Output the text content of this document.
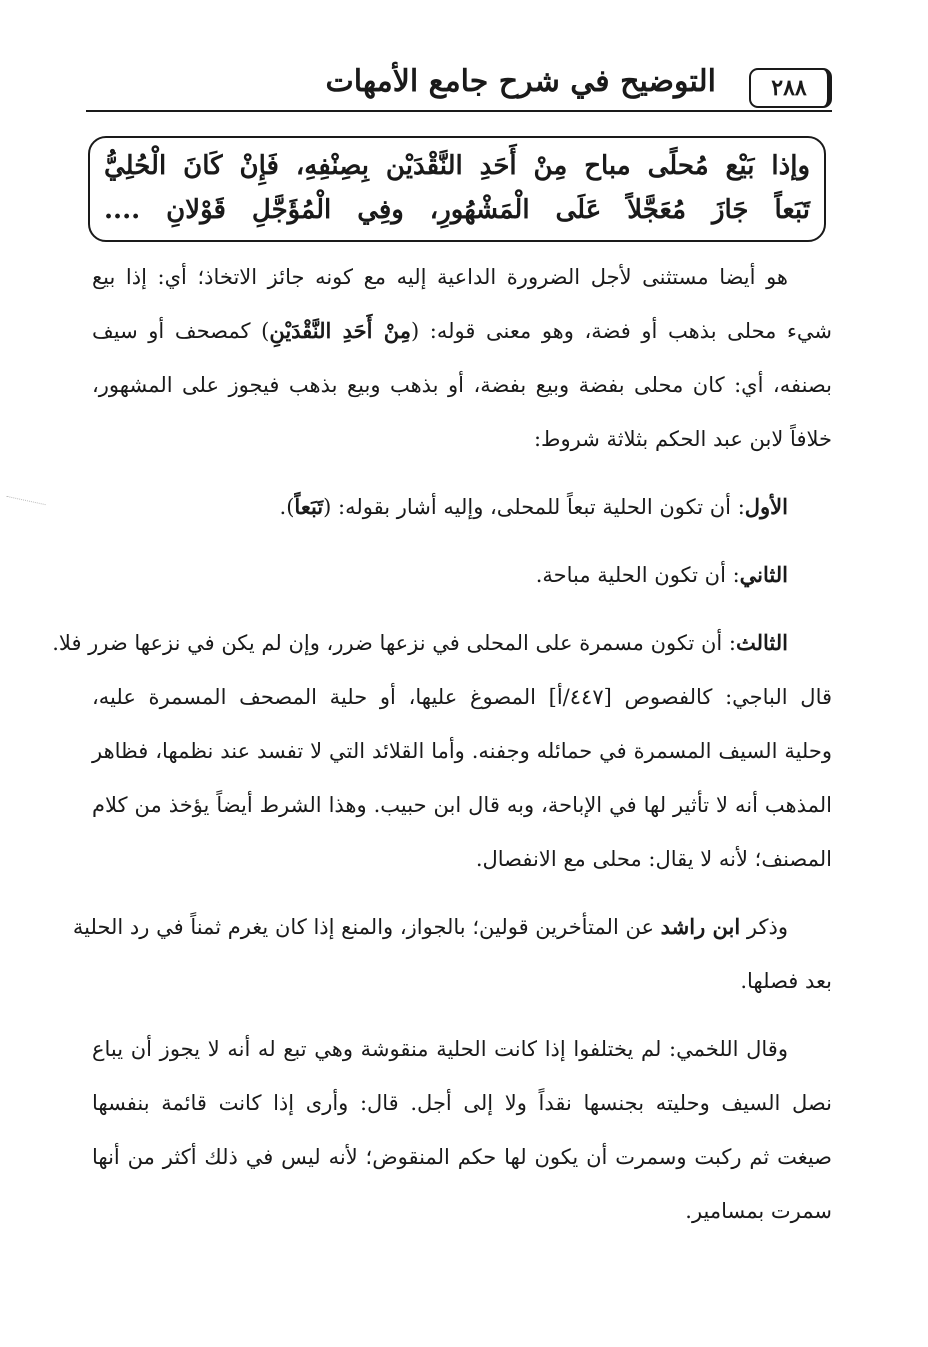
٢٨٨
التوضيح في شرح جامع الأمهات
وإذا بَيْع مُحلًى مباح مِنْ أَحَدِ النَّقْدَيْن بِصِنْفِهِ، فَإِنْ كَانَ الْحُلِيُّ
تَبَعاً جَازَ مُعَجَّلاً عَلَى الْمَشْهُورِ، وفِي الْمُؤَجَّلِ قَوْلانِ ....
هو أيضا مستثنى لأجل الضرورة الداعية إليه مع كونه جائز الاتخاذ؛ أي: إذا بيع
شيء محلى بذهب أو فضة، وهو معنى قوله: (مِنْ أَحَدِ النَّقْدَيْنِ) كمصحف أو سيف
بصنفه، أي: كان محلى بفضة وبيع بفضة، أو بذهب وبيع بذهب فيجوز على المشهور،
خلافاً لابن عبد الحكم بثلاثة شروط:
الأول: أن تكون الحلية تبعاً للمحلى، وإليه أشار بقوله: (تَبَعاً).
الثاني: أن تكون الحلية مباحة.
الثالث: أن تكون مسمرة على المحلى في نزعها ضرر، وإن لم يكن في نزعها ضرر فلا.
قال الباجي: كالفصوص [٤٤٧/أ] المصوغ عليها، أو حلية المصحف المسمرة عليه،
وحلية السيف المسمرة في حمائله وجفنه. وأما القلائد التي لا تفسد عند نظمها، فظاهر
المذهب أنه لا تأثير لها في الإباحة، وبه قال ابن حبيب. وهذا الشرط أيضاً يؤخذ من كلام
المصنف؛ لأنه لا يقال: محلى مع الانفصال.
وذكر ابن راشد عن المتأخرين قولين؛ بالجواز، والمنع إذا كان يغرم ثمناً في رد الحلية
بعد فصلها.
وقال اللخمي: لم يختلفوا إذا كانت الحلية منقوشة وهي تبع له أنه لا يجوز أن يباع
نصل السيف وحليته بجنسها نقداً ولا إلى أجل. قال: وأرى إذا كانت قائمة بنفسها
صيغت ثم ركبت وسمرت أن يكون لها حكم المنقوض؛ لأنه ليس في ذلك أكثر من أنها
سمرت بمسامير.
